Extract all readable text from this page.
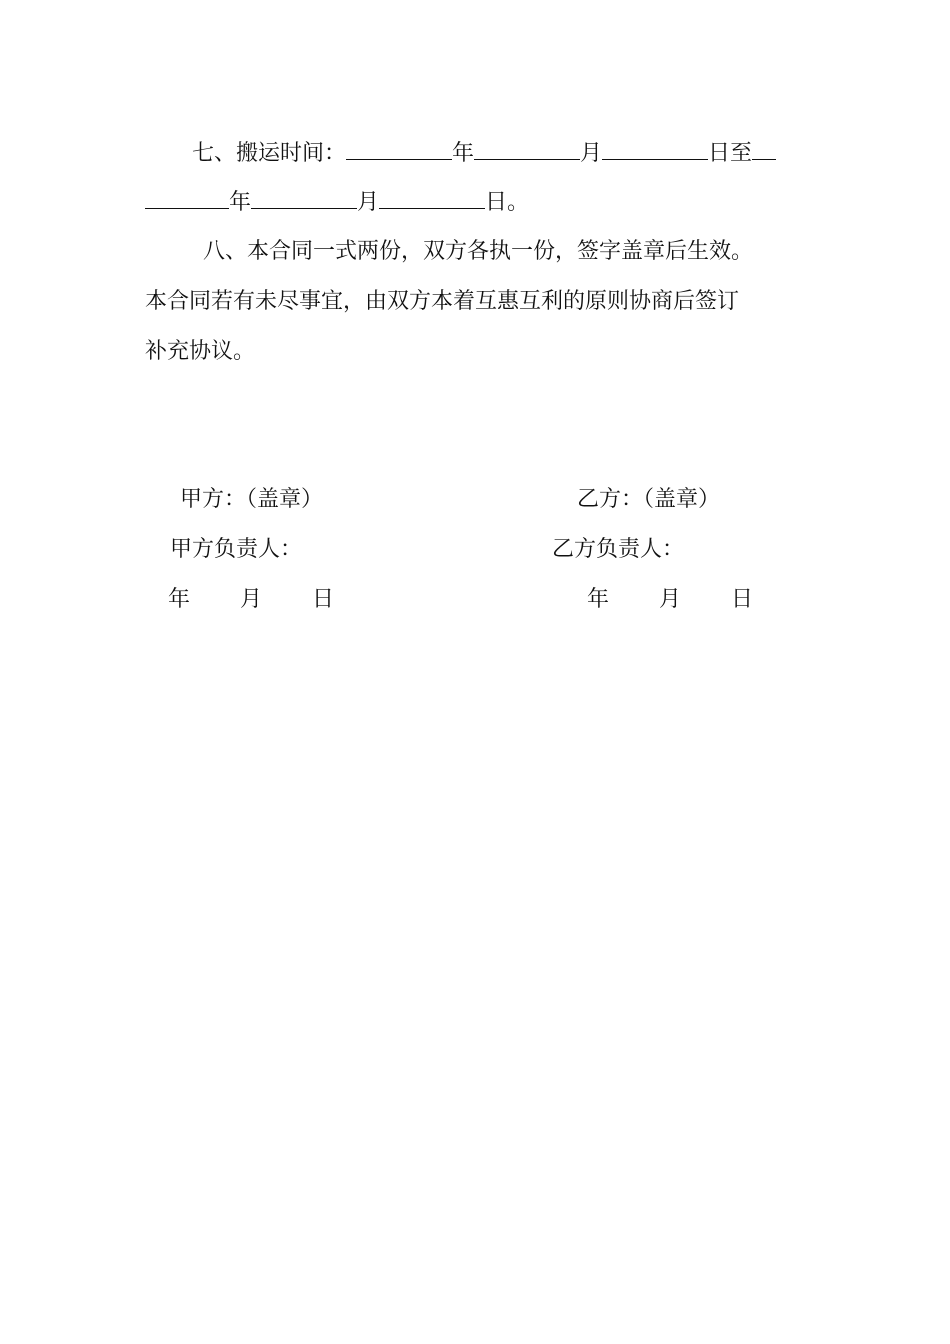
七、搬运时间：	年	月	日至
年	月	日。
八、本合同一式两份，双方各执一份，签字盖章后生效。
本合同若有未尽事宜，由双方本着互惠互利的原则协商后签订
补充协议。
甲方：（盖章）
甲方负责人：
年 月 日
乙方：（盖章）
乙方负责人：
年 月 日
